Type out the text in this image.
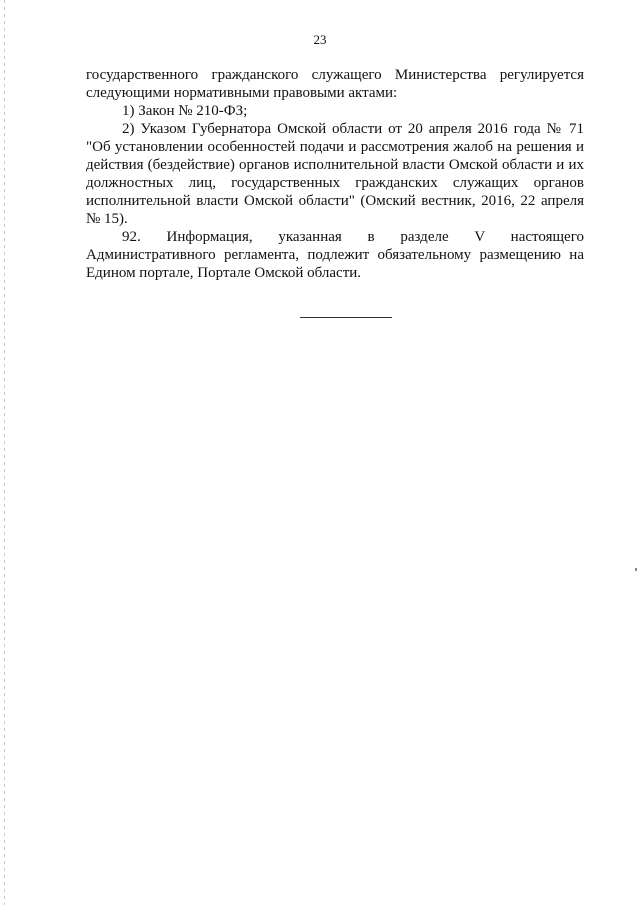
23

государственного гражданского служащего Министерства регулируется следующими нормативными правовыми актами:

1) Закон № 210-ФЗ;

2) Указом Губернатора Омской области от 20 апреля 2016 года № 71 "Об установлении особенностей подачи и рассмотрения жалоб на решения и действия (бездействие) органов исполнительной власти Омской области и их должностных лиц, государственных гражданских служащих органов исполнительной власти Омской области" (Омский вестник, 2016, 22 апреля № 15).

92. Информация, указанная в разделе V настоящего Административного регламента, подлежит обязательному размещению на Едином портале, Портале Омской области.
